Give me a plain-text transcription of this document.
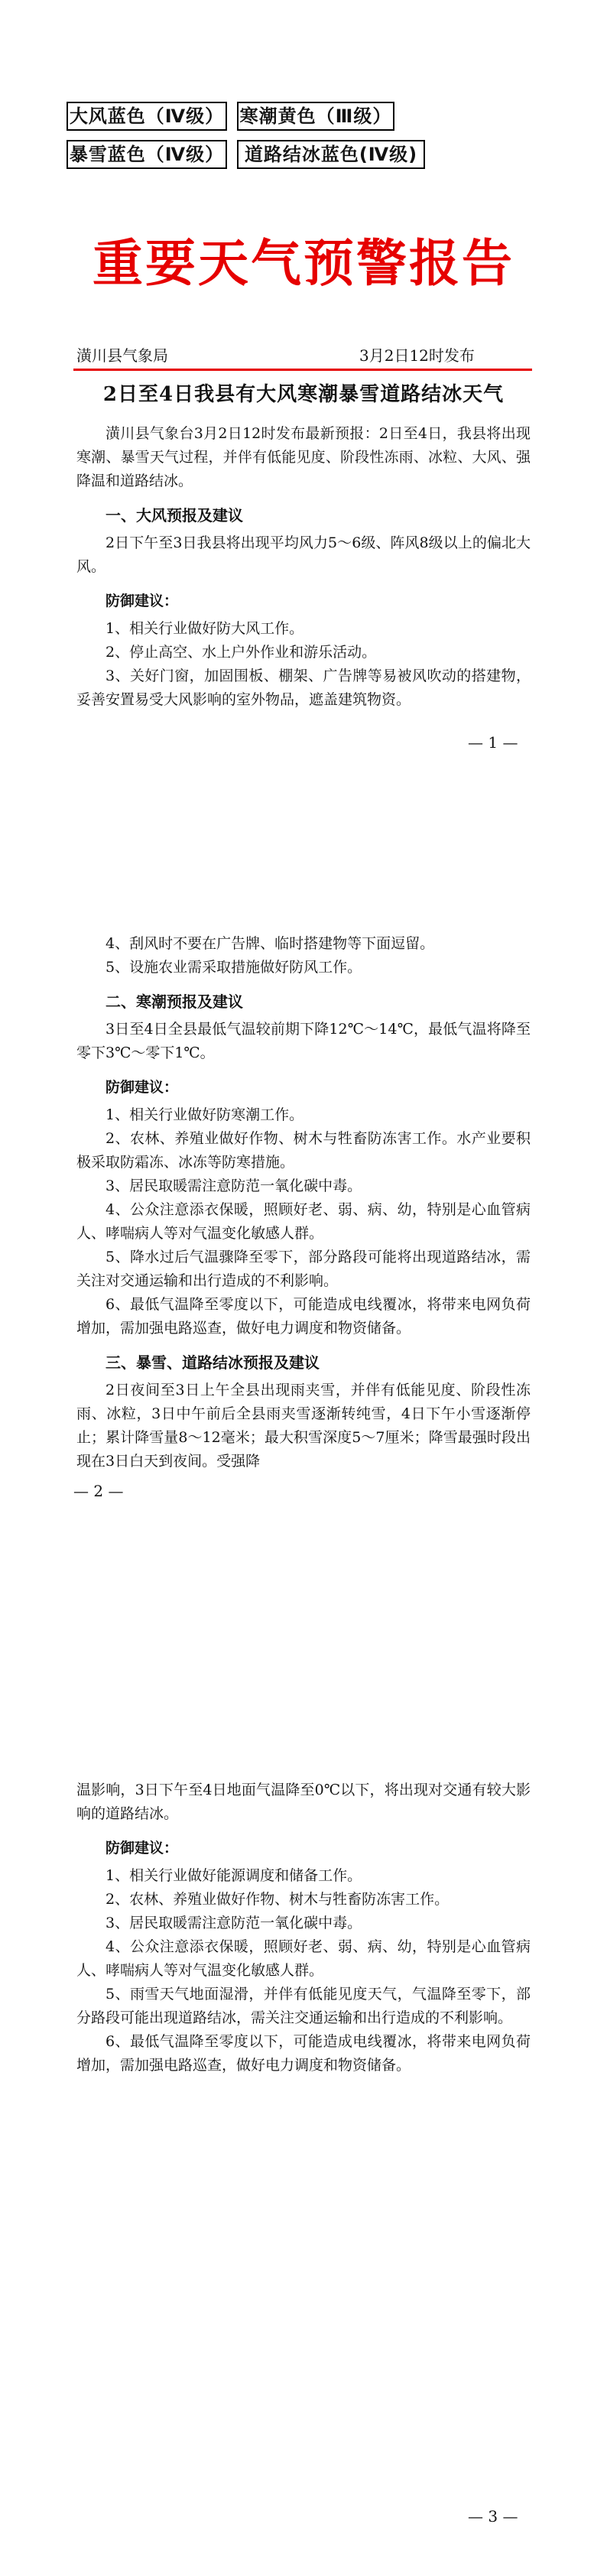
大风蓝色（Ⅳ级） 寒潮黄色（Ⅲ级）
暴雪蓝色（Ⅳ级）	道路结冰蓝色(Ⅳ级)
重要天气预警报告
潢川县气象局	3月2日12时发布
2日至4日我县有大风寒潮暴雪道路结冰天气

潢川县气象台3月2日12时发布最新预报：2日至4日，我县将出现寒潮、暴雪天气过程，并伴有低能见度、阶段性冻雨、冰粒、大风、强降温和道路结冰。

一、大风预报及建议

2日下午至3日我县将出现平均风力5～6级、阵风8级以上的偏北大风。

防御建议：

1、相关行业做好防大风工作。

2、停止高空、水上户外作业和游乐活动。

3、关好门窗，加固围板、棚架、广告牌等易被风吹动的搭建物，妥善安置易受大风影响的室外物品，遮盖建筑物资。

— 1 —

4、刮风时不要在广告牌、临时搭建物等下面逗留。

5、设施农业需采取措施做好防风工作。

二、寒潮预报及建议

3日至4日全县最低气温较前期下降12℃～14℃，最低气温将降至零下3℃～零下1℃。

防御建议：

1、相关行业做好防寒潮工作。

2、农林、养殖业做好作物、树木与牲畜防冻害工作。水产业要积极采取防霜冻、冰冻等防寒措施。

3、居民取暖需注意防范一氧化碳中毒。

4、公众注意添衣保暖，照顾好老、弱、病、幼，特别是心血管病人、哮喘病人等对气温变化敏感人群。

5、降水过后气温骤降至零下，部分路段可能将出现道路结冰，需关注对交通运输和出行造成的不利影响。

6、最低气温降至零度以下，可能造成电线覆冰，将带来电网负荷增加，需加强电路巡查，做好电力调度和物资储备。

三、暴雪、道路结冰预报及建议

2日夜间至3日上午全县出现雨夹雪，并伴有低能见度、阶段性冻雨、冰粒，3日中午前后全县雨夹雪逐渐转纯雪，4日下午小雪逐渐停止；累计降雪量8～12毫米；最大积雪深度5～7厘米；降雪最强时段出现在3日白天到夜间。受强降

— 2 —

温影响，3日下午至4日地面气温降至0℃以下，将出现对交通有较大影响的道路结冰。

防御建议：

1、相关行业做好能源调度和储备工作。

2、农林、养殖业做好作物、树木与牲畜防冻害工作。

3、居民取暖需注意防范一氧化碳中毒。

4、公众注意添衣保暖，照顾好老、弱、病、幼，特别是心血管病人、哮喘病人等对气温变化敏感人群。

5、雨雪天气地面湿滑，并伴有低能见度天气，气温降至零下，部分路段可能出现道路结冰，需关注交通运输和出行造成的不利影响。

6、最低气温降至零度以下，可能造成电线覆冰，将带来电网负荷增加，需加强电路巡查，做好电力调度和物资储备。

— 3 —
